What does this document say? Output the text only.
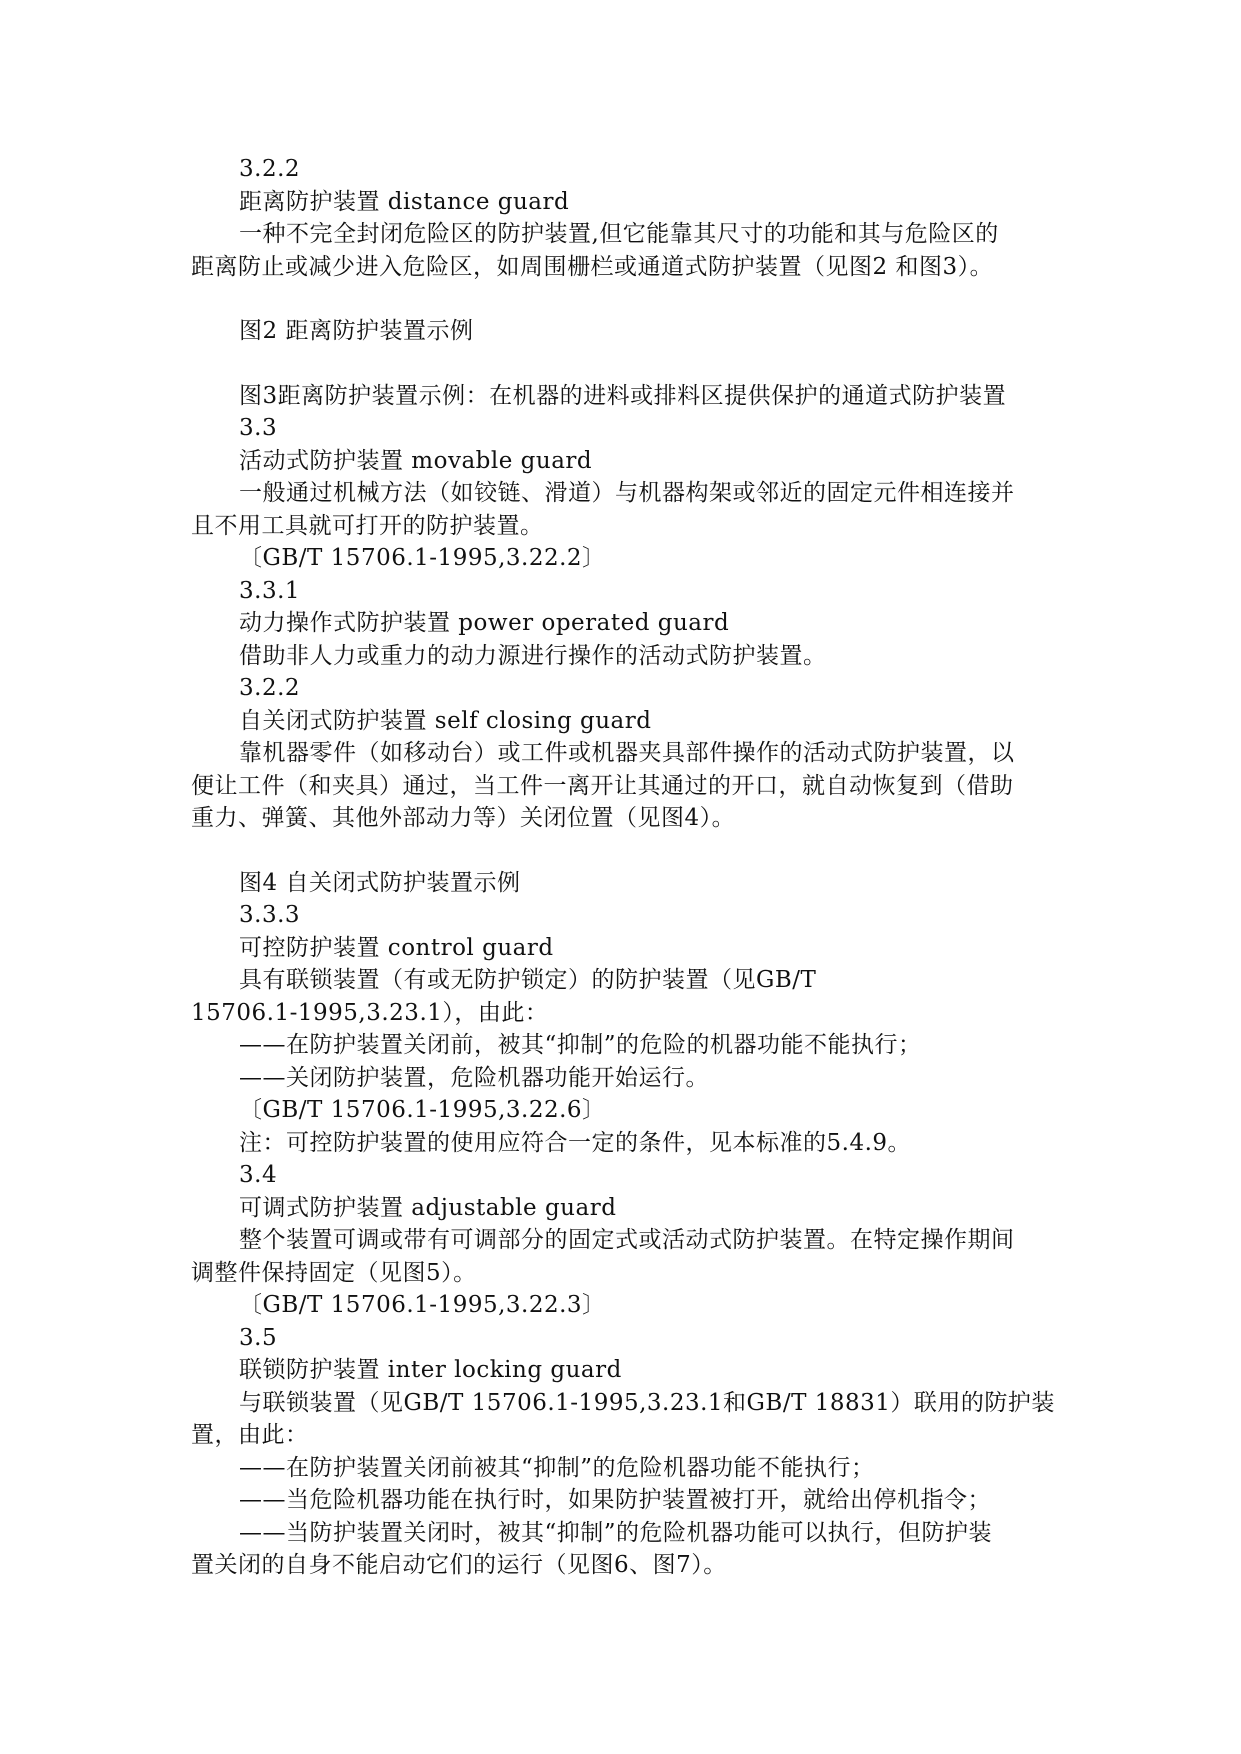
3.2.2
距离防护装置 distance guard
一种不完全封闭危险区的防护装置,但它能靠其尺寸的功能和其与危险区的
距离防止或减少进入危险区，如周围栅栏或通道式防护装置（见图2 和图3）。
图2 距离防护装置示例
图3距离防护装置示例：在机器的进料或排料区提供保护的通道式防护装置
3.3
活动式防护装置 movable guard
一般通过机械方法（如铰链、滑道）与机器构架或邻近的固定元件相连接并
且不用工具就可打开的防护装置。
〔GB/T 15706.1-1995,3.22.2〕
3.3.1
动力操作式防护装置 power operated guard
借助非人力或重力的动力源进行操作的活动式防护装置。
3.2.2
自关闭式防护装置 self closing guard
靠机器零件（如移动台）或工件或机器夹具部件操作的活动式防护装置，以
便让工件（和夹具）通过，当工件一离开让其通过的开口，就自动恢复到（借助
重力、弹簧、其他外部动力等）关闭位置（见图4）。
图4 自关闭式防护装置示例
3.3.3
可控防护装置 control guard
具有联锁装置（有或无防护锁定）的防护装置（见GB/T
15706.1-1995,3.23.1），由此：
——在防护装置关闭前，被其“抑制”的危险的机器功能不能执行；
——关闭防护装置，危险机器功能开始运行。
〔GB/T 15706.1-1995,3.22.6〕
注：可控防护装置的使用应符合一定的条件，见本标准的5.4.9。
3.4
可调式防护装置 adjustable guard
整个装置可调或带有可调部分的固定式或活动式防护装置。在特定操作期间
调整件保持固定（见图5）。
〔GB/T 15706.1-1995,3.22.3〕
3.5
联锁防护装置 inter locking guard
与联锁装置（见GB/T 15706.1-1995,3.23.1和GB/T 18831）联用的防护装
置，由此：
——在防护装置关闭前被其“抑制”的危险机器功能不能执行；
——当危险机器功能在执行时，如果防护装置被打开，就给出停机指令；
——当防护装置关闭时，被其“抑制”的危险机器功能可以执行，但防护装
置关闭的自身不能启动它们的运行（见图6、图7）。
